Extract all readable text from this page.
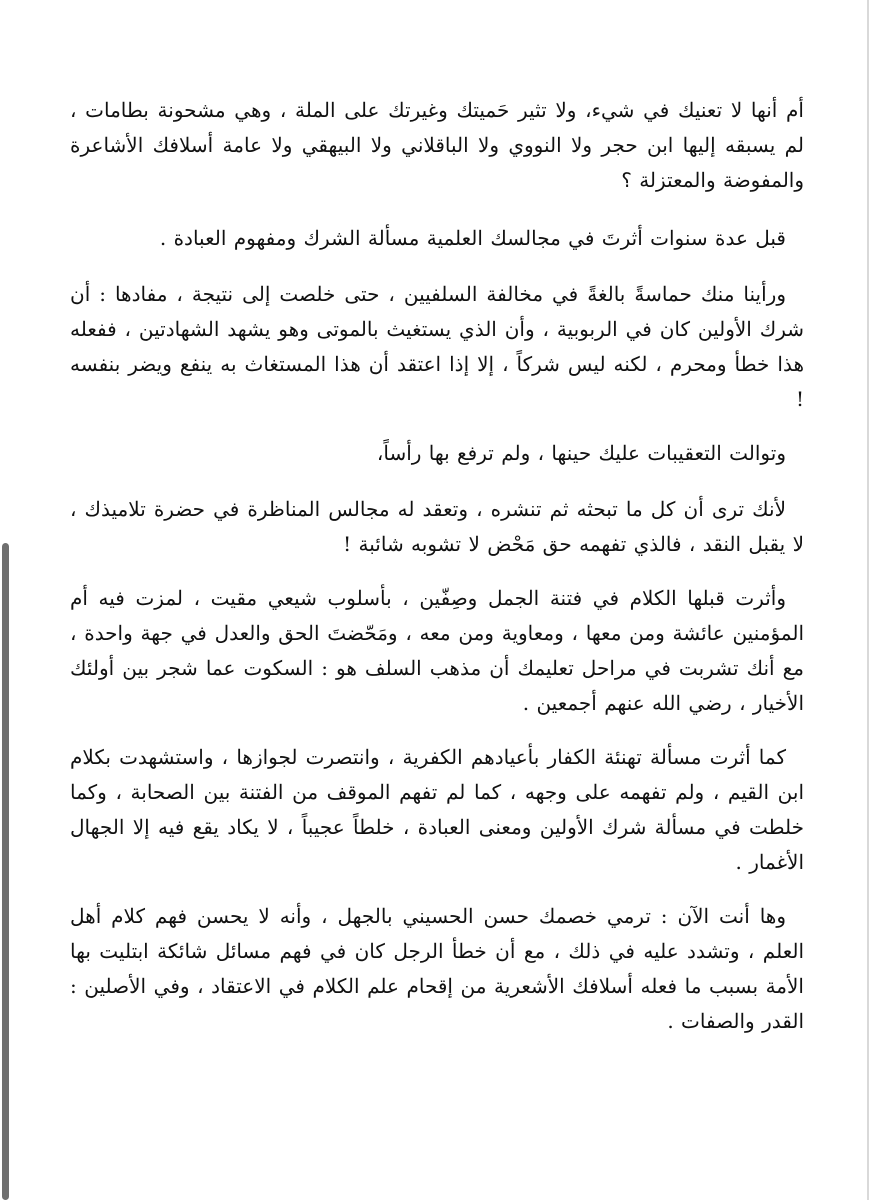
أم أنها لا تعنيك في شيء، ولا تثير حَميتك وغيرتك على الملة ، وهي مشحونة بطامات ، لم يسبقه إليها ابن حجر ولا النووي ولا الباقلاني ولا البيهقي ولا عامة أسلافك الأشاعرة والمفوضة والمعتزلة ؟

قبل عدة سنوات أثرتَ في مجالسك العلمية مسألة الشرك ومفهوم العبادة .

ورأينا منك حماسةً بالغةً في مخالفة السلفيين ، حتى خلصت إلى نتيجة ، مفادها : أن شرك الأولين كان في الربوبية ، وأن الذي يستغيث بالموتى وهو يشهد الشهادتين ، ففعله هذا خطأ ومحرم ، لكنه ليس شركاً ، إلا إذا اعتقد أن هذا المستغاث به ينفع ويضر بنفسه !

وتوالت التعقيبات عليك حينها ، ولم ترفع بها رأساً،

لأنك ترى أن كل ما تبحثه ثم تنشره ، وتعقد له مجالس المناظرة في حضرة تلاميذك ، لا يقبل النقد ، فالذي تفهمه حق مَحْض لا تشوبه شائبة !

وأثرت قبلها الكلام في فتنة الجمل وصِفّين ، بأسلوب شيعي مقيت ، لمزت فيه أم المؤمنين عائشة ومن معها ، ومعاوية ومن معه ، ومَحّضتَ الحق والعدل في جهة واحدة ، مع أنك تشربت في مراحل تعليمك أن مذهب السلف هو : السكوت عما شجر بين أولئك الأخيار ، رضي الله عنهم أجمعين .

كما أثرت مسألة تهنئة الكفار بأعيادهم الكفرية ، وانتصرت لجوازها ، واستشهدت بكلام ابن القيم ، ولم تفهمه على وجهه ، كما لم تفهم الموقف من الفتنة بين الصحابة ، وكما خلطت في مسألة شرك الأولين ومعنى العبادة ، خلطاً عجيباً ، لا يكاد يقع فيه إلا الجهال الأغمار .

وها أنت الآن : ترمي خصمك حسن الحسيني بالجهل ، وأنه لا يحسن فهم كلام أهل العلم ، وتشدد عليه في ذلك ، مع أن خطأ الرجل كان في فهم مسائل شائكة ابتليت بها الأمة بسبب ما فعله أسلافك الأشعرية من إقحام علم الكلام في الاعتقاد ، وفي الأصلين : القدر والصفات .
